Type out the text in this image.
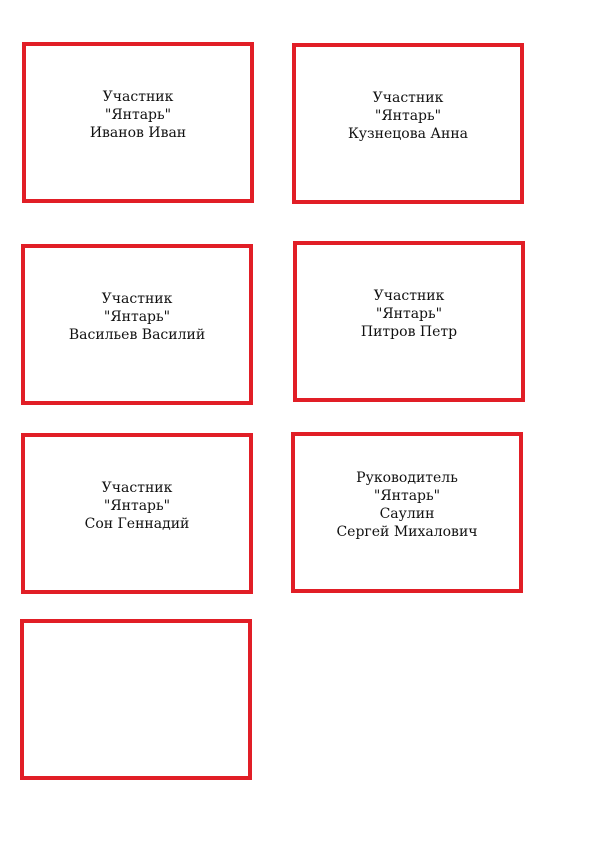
Участник
"Янтарь"
Иванов Иван
Участник
"Янтарь"
Кузнецова Анна
Участник
"Янтарь"
Васильев Василий
Участник
"Янтарь"
Питров Петр
Участник
"Янтарь"
Сон Геннадий
Руководитель
"Янтарь"
Саулин
Сергей Михалович
